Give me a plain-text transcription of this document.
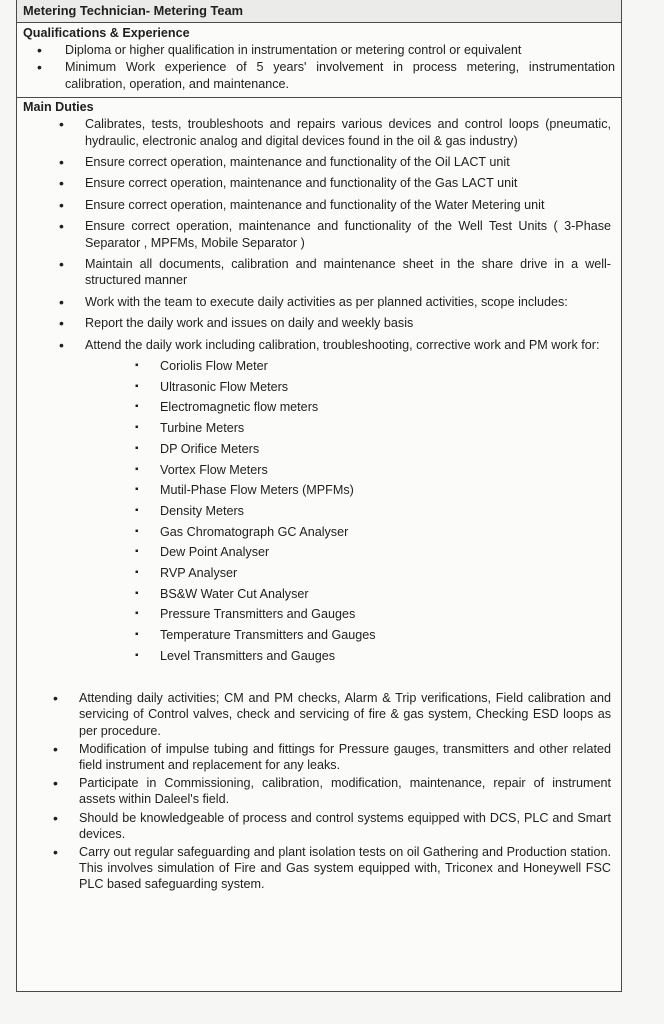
Metering Technician- Metering Team
Qualifications & Experience
• Diploma or higher qualification in instrumentation or metering control or equivalent
• Minimum Work experience of 5 years' involvement in process metering, instrumentation calibration, operation, and maintenance.
Main Duties
• Calibrates, tests, troubleshoots and repairs various devices and control loops (pneumatic, hydraulic, electronic analog and digital devices found in the oil & gas industry)
• Ensure correct operation, maintenance and functionality of the Oil LACT unit
• Ensure correct operation, maintenance and functionality of the Gas LACT unit
• Ensure correct operation, maintenance and functionality of the Water Metering unit
• Ensure correct operation, maintenance and functionality of the Well Test Units ( 3-Phase Separator , MPFMs, Mobile Separator )
• Maintain all documents, calibration and maintenance sheet in the share drive in a well-structured manner
• Work with the team to execute daily activities as per planned activities, scope includes:
• Report the daily work and issues on daily and weekly basis
• Attend the daily work including calibration, troubleshooting, corrective work and PM work for:
▪ Coriolis Flow Meter
▪ Ultrasonic Flow Meters
▪ Electromagnetic flow meters
▪ Turbine Meters
▪ DP Orifice Meters
▪ Vortex Flow Meters
▪ Mutil-Phase Flow Meters (MPFMs)
▪ Density Meters
▪ Gas Chromatograph GC Analyser
▪ Dew Point Analyser
▪ RVP Analyser
▪ BS&W Water Cut Analyser
▪ Pressure Transmitters and Gauges
▪ Temperature Transmitters and Gauges
▪ Level Transmitters and Gauges
• Attending daily activities; CM and PM checks, Alarm & Trip verifications, Field calibration and servicing of Control valves, check and servicing of fire & gas system, Checking ESD loops as per procedure.
• Modification of impulse tubing and fittings for Pressure gauges, transmitters and other related field instrument and replacement for any leaks.
• Participate in Commissioning, calibration, modification, maintenance, repair of instrument assets within Daleel's field.
• Should be knowledgeable of process and control systems equipped with DCS, PLC and Smart devices.
• Carry out regular safeguarding and plant isolation tests on oil Gathering and Production station. This involves simulation of Fire and Gas system equipped with, Triconex and Honeywell FSC PLC based safeguarding system.
